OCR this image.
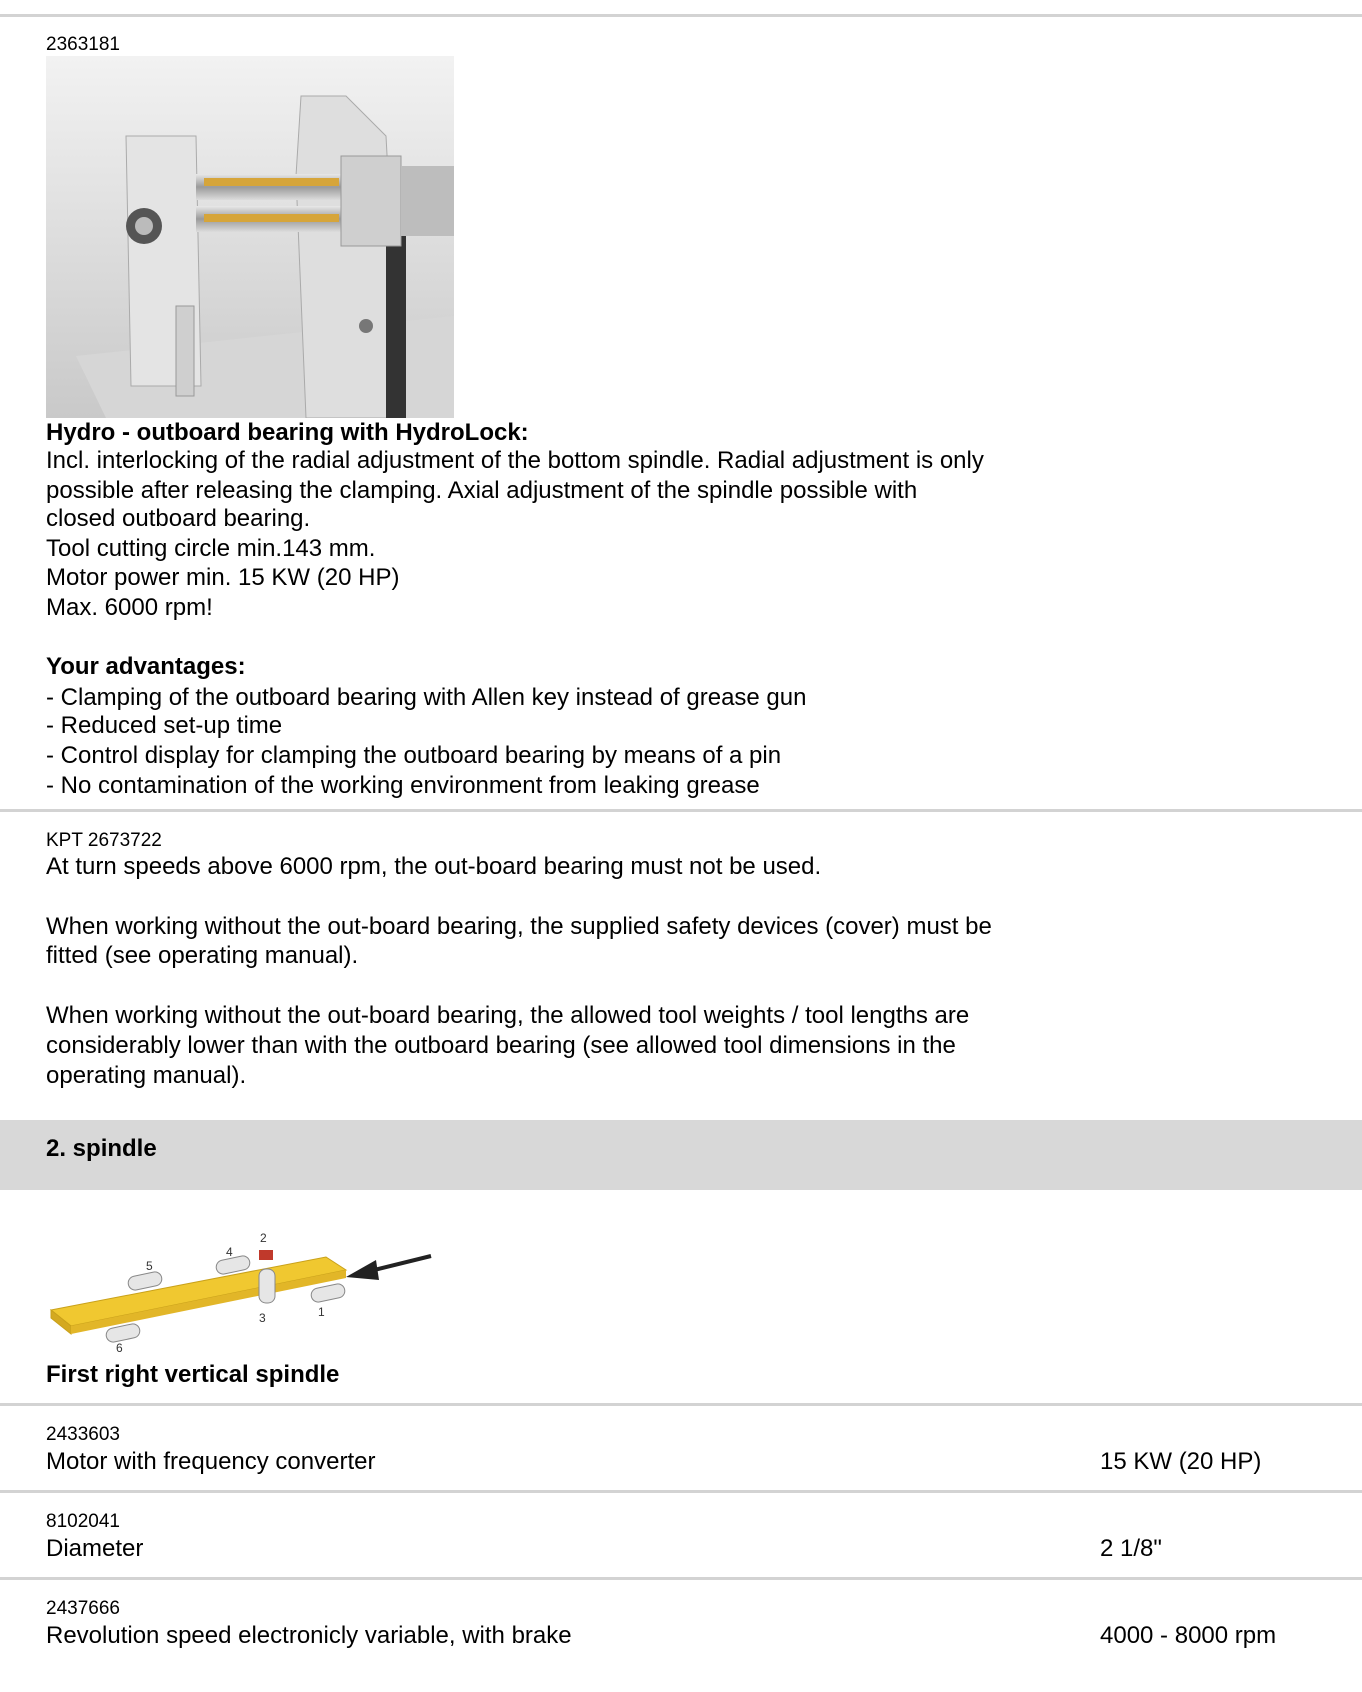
2363181
Hydro - outboard bearing with HydroLock:
Incl. interlocking of the radial adjustment of the bottom spindle. Radial adjustment is only
possible after releasing the clamping. Axial adjustment of the spindle possible with
closed outboard bearing.
Tool cutting circle min.143 mm.
Motor power min. 15 KW (20 HP)
Max. 6000 rpm!
Your advantages:
- Clamping of the outboard bearing with Allen key instead of grease gun
- Reduced set-up time
- Control display for clamping the outboard bearing by means of a pin
- No contamination of the working environment from leaking grease
KPT 2673722
At turn speeds above 6000 rpm, the out-board bearing must not be used.
When working without the out-board bearing, the supplied safety devices (cover) must be
fitted (see operating manual).
When working without the out-board bearing, the allowed tool weights / tool lengths are
considerably lower than with the outboard bearing (see allowed tool dimensions in the
operating manual).
2. spindle
1
2
3
4
5
6
First right vertical spindle
2433603
Motor with frequency converter	15 KW (20 HP)
8102041
Diameter	2 1/8"
2437666
Revolution speed electronicly variable, with brake	4000 - 8000 rpm
